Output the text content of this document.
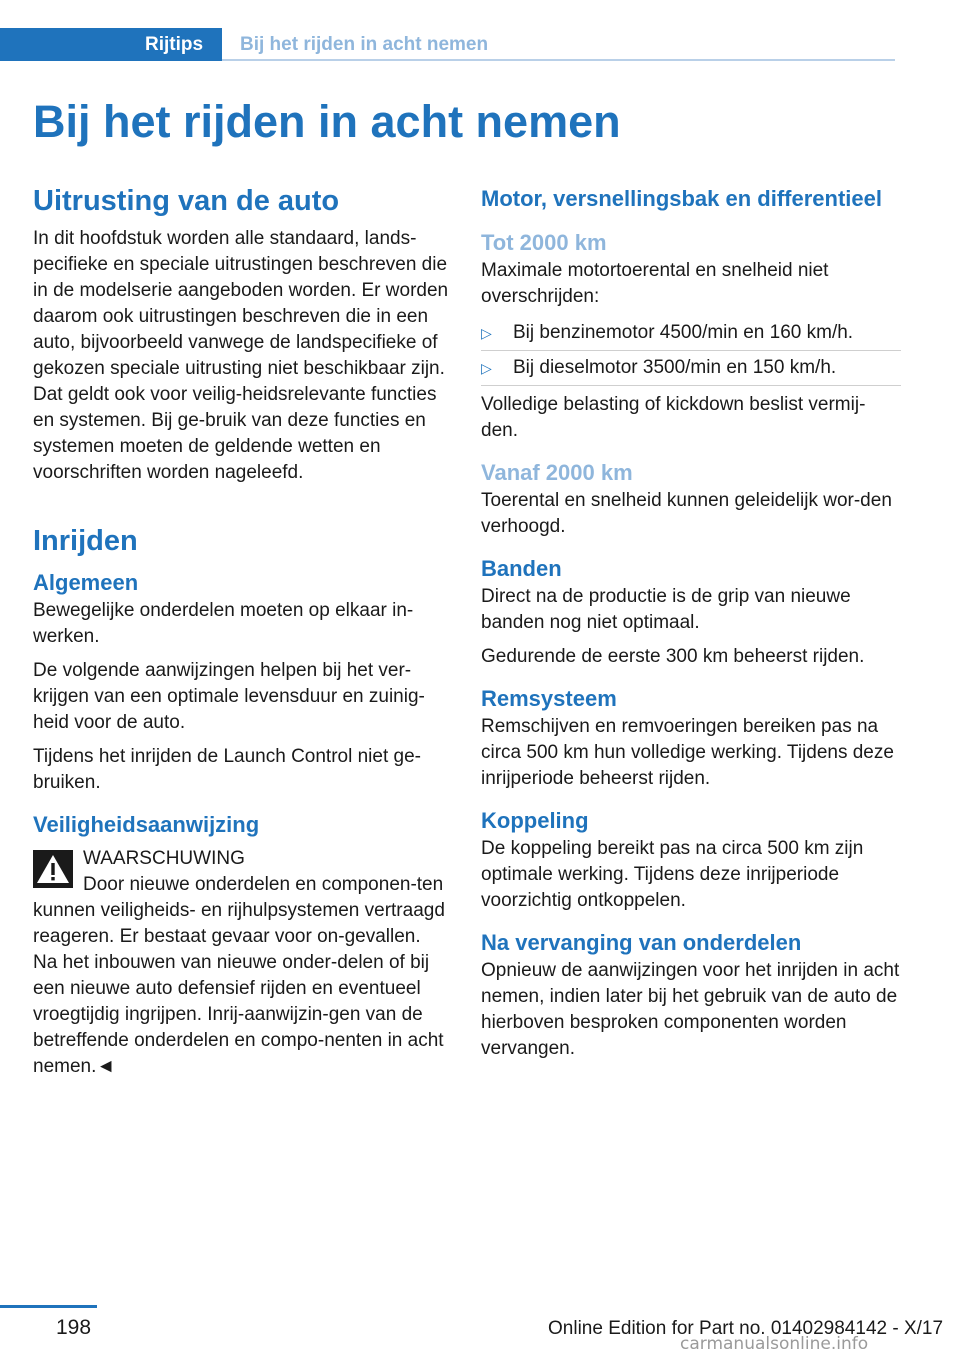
Rijtips Bij het rijden in acht nemen
Bij het rijden in acht nemen
Uitrusting van de auto

In dit hoofdstuk worden alle standaard, lands-pecifieke en speciale uitrustingen beschreven die in de modelserie aangeboden worden. Er worden daarom ook uitrustingen beschreven die in een auto, bijvoorbeeld vanwege de landspecifieke of gekozen speciale uitrusting niet beschikbaar zijn. Dat geldt ook voor veilig-heidsrelevante functies en systemen. Bij ge-bruik van deze functies en systemen moeten de geldende wetten en voorschriften worden nageleefd.

Inrijden
Algemeen

Bewegelijke onderdelen moeten op elkaar in-werken.

De volgende aanwijzingen helpen bij het ver-krijgen van een optimale levensduur en zuinig-heid voor de auto.

Tijdens het inrijden de Launch Control niet ge-bruiken.

Veiligheidsaanwijzing
WAARSCHUWING

Door nieuwe onderdelen en componen-ten kunnen veiligheids- en rijhulpsystemen vertraagd reageren. Er bestaat gevaar voor on-gevallen. Na het inbouwen van nieuwe onder-delen of bij een nieuwe auto defensief rijden en eventueel vroegtijdig ingrijpen. Inrij-aanwijzin-gen van de betreffende onderdelen en compo-nenten in acht nemen.◄

Motor, versnellingsbak en differentieel
Tot 2000 km

Maximale motortoerental en snelheid niet overschrijden:

▷	Bij benzinemotor 4500/min en 160 km/h.
▷	Bij dieselmotor 3500/min en 150 km/h.

Volledige belasting of kickdown beslist vermij-den.

Vanaf 2000 km

Toerental en snelheid kunnen geleidelijk wor-den verhoogd.

Banden

Direct na de productie is de grip van nieuwe banden nog niet optimaal.

Gedurende de eerste 300 km beheerst rijden.

Remsysteem

Remschijven en remvoeringen bereiken pas na circa 500 km hun volledige werking. Tijdens deze inrijperiode beheerst rijden.

Koppeling

De koppeling bereikt pas na circa 500 km zijn optimale werking. Tijdens deze inrijperiode voorzichtig ontkoppelen.

Na vervanging van onderdelen

Opnieuw de aanwijzingen voor het inrijden in acht nemen, indien later bij het gebruik van de auto de hierboven besproken componenten worden vervangen.

198	Online Edition for Part no. 01402984142 - X/17
carmanualsonline.info
